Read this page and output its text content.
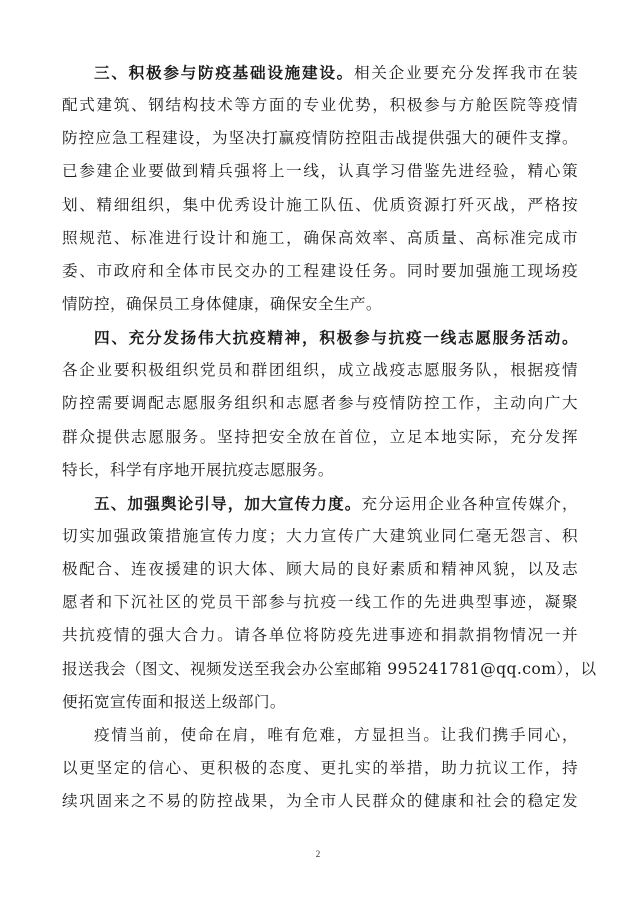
三、积极参与防疫基础设施建设。相关企业要充分发挥我市在装
配式建筑、钢结构技术等方面的专业优势，积极参与方舱医院等疫情
防控应急工程建设，为坚决打赢疫情防控阻击战提供强大的硬件支撑。
已参建企业要做到精兵强将上一线，认真学习借鉴先进经验，精心策
划、精细组织，集中优秀设计施工队伍、优质资源打歼灭战，严格按
照规范、标准进行设计和施工，确保高效率、高质量、高标准完成市
委、市政府和全体市民交办的工程建设任务。同时要加强施工现场疫
情防控，确保员工身体健康，确保安全生产。
四、充分发扬伟大抗疫精神，积极参与抗疫一线志愿服务活动。
各企业要积极组织党员和群团组织，成立战疫志愿服务队，根据疫情
防控需要调配志愿服务组织和志愿者参与疫情防控工作，主动向广大
群众提供志愿服务。坚持把安全放在首位，立足本地实际，充分发挥
特长，科学有序地开展抗疫志愿服务。
五、加强舆论引导，加大宣传力度。充分运用企业各种宣传媒介，
切实加强政策措施宣传力度；大力宣传广大建筑业同仁毫无怨言、积
极配合、连夜援建的识大体、顾大局的良好素质和精神风貌，以及志
愿者和下沉社区的党员干部参与抗疫一线工作的先进典型事迹，凝聚
共抗疫情的强大合力。请各单位将防疫先进事迹和捐款捐物情况一并
报送我会（图文、视频发送至我会办公室邮箱 995241781@qq.com），以
便拓宽宣传面和报送上级部门。
疫情当前，使命在肩，唯有危难，方显担当。让我们携手同心，
以更坚定的信心、更积极的态度、更扎实的举措，助力抗议工作，持
续巩固来之不易的防控战果，为全市人民群众的健康和社会的稳定发
2
